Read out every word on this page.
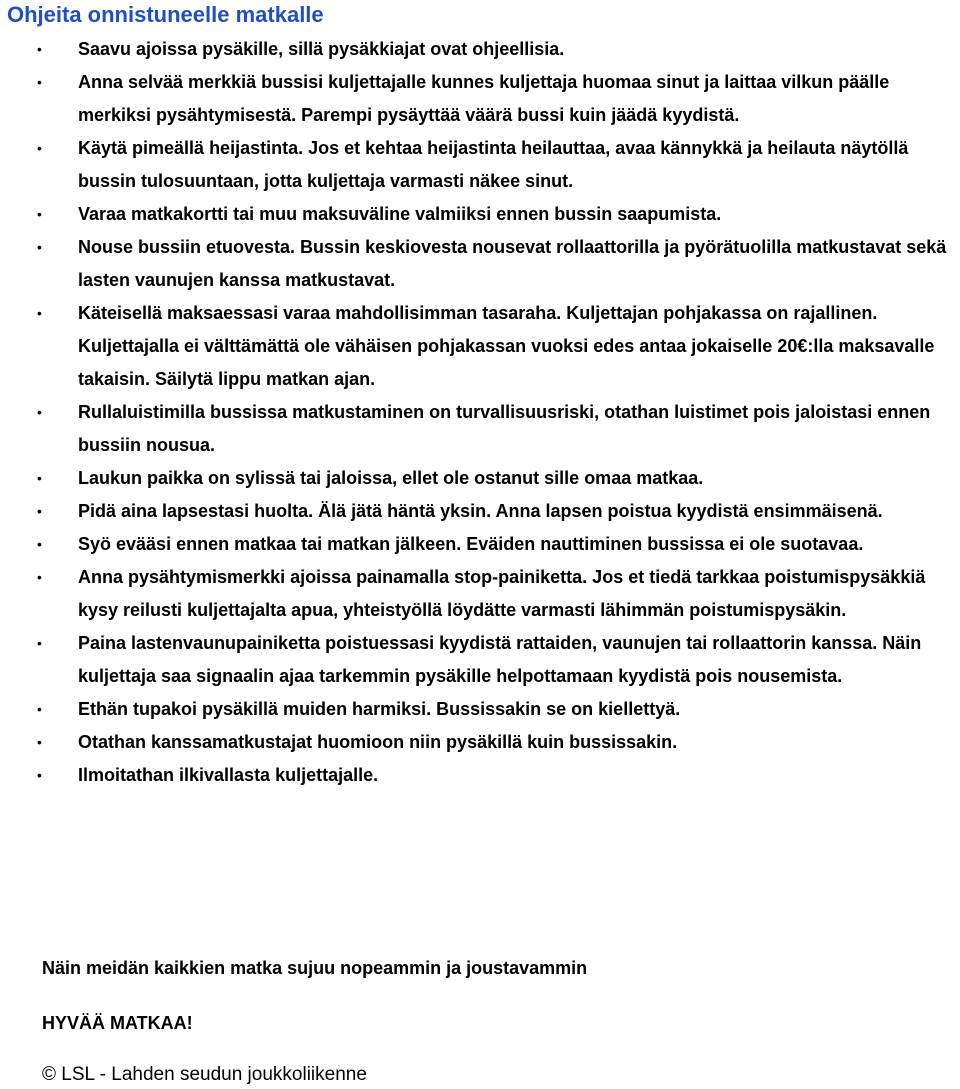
Ohjeita onnistuneelle matkalle
• Saavu ajoissa pysäkille, sillä pysäkkiajat ovat ohjeellisia.
• Anna selvää merkkiä bussisi kuljettajalle kunnes kuljettaja huomaa sinut ja laittaa vilkun päälle merkiksi pysähtymisestä. Parempi pysäyttää väärä bussi kuin jäädä kyydistä.
• Käytä pimeällä heijastinta. Jos et kehtaa heijastinta heilauttaa, avaa kännykkä ja heilauta näytöllä bussin tulosuuntaan, jotta kuljettaja varmasti näkee sinut.
• Varaa matkakortti tai muu maksuväline valmiiksi ennen bussin saapumista.
• Nouse bussiin etuovesta. Bussin keskiovesta nousevat rollaattorilla ja pyörätuolilla matkustavat sekä lasten vaunujen kanssa matkustavat.
• Käteisellä maksaessasi varaa mahdollisimman tasaraha. Kuljettajan pohjakassa on rajallinen. Kuljettajalla ei välttämättä ole vähäisen pohjakassan vuoksi edes antaa jokaiselle 20€:lla maksavalle takaisin. Säilytä lippu matkan ajan.
• Rullaluistimilla bussissa matkustaminen on turvallisuusriski, otathan luistimet pois jaloistasi ennen bussiin nousua.
• Laukun paikka on sylissä tai jaloissa, ellet ole ostanut sille omaa matkaa.
• Pidä aina lapsestasi huolta. Älä jätä häntä yksin. Anna lapsen poistua kyydistä ensimmäisenä.
• Syö evääsi ennen matkaa tai matkan jälkeen. Eväiden nauttiminen bussissa ei ole suotavaa.
• Anna pysähtymismerkki ajoissa painamalla stop-painiketta. Jos et tiedä tarkkaa poistumispysäkkiä kysy reilusti kuljettajalta apua, yhteistyöllä löydätte varmasti lähimmän poistumispysäkin.
• Paina lastenvaunupainiketta poistuessasi kyydistä rattaiden, vaunujen tai rollaattorin kanssa. Näin kuljettaja saa signaalin ajaa tarkemmin pysäkille helpottamaan kyydistä pois nousemista.
• Ethän tupakoi pysäkillä muiden harmiksi. Bussissakin se on kiellettyä.
• Otathan kanssamatkustajat huomioon niin pysäkillä kuin bussissakin.
• Ilmoitathan ilkivallasta kuljettajalle.

Näin meidän kaikkien matka sujuu nopeammin ja joustavammin

HYVÄÄ MATKAA!

© LSL - Lahden seudun joukkoliikenne
